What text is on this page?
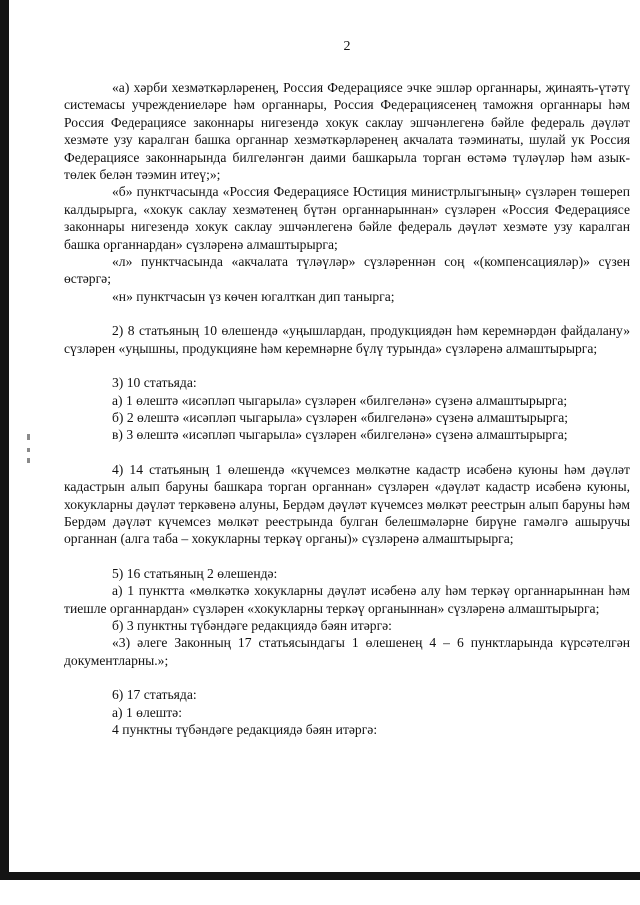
2

«а) хәрби хезмәткәрләренең, Россия Федерациясе эчке эшләр органнары, җинаять-үтәтү системасы учреждениеләре һәм органнары, Россия Федерациясенең таможня органнары һәм Россия Федерациясе законнары нигезендә хокук саклау эшчәнлегенә бәйле федераль дәүләт хезмәте узу каралган башка органнар хезмәткәрләренең акчалата тәэминаты, шулай ук Россия Федерациясе законнарында билгеләнгән даими башкарыла торган өстәмә түләүләр һәм азык-төлек белән тәэмин итеү;»;

«б» пунктчасында «Россия Федерациясе Юстиция министрлыгының» сүзләрен төшереп калдырырга, «хокук саклау хезмәтенең бүтән органнарыннан» сүзләрен «Россия Федерациясе законнары нигезендә хокук саклау эшчәнлегенә бәйле федераль дәүләт хезмәте узу каралган башка органнардан» сүзләренә алмаштырырга;

«л» пунктчасында «акчалата түләүләр» сүзләреннән соң «(компенсацияләр)» сүзен өстәргә;

«н» пунктчасын үз көчен югалткан дип танырга;

2) 8 статьяның 10 өлешендә «уңышлардан, продукциядән һәм керемнәрдән файдалану» сүзләрен «уңышны, продукцияне һәм керемнәрне бүлү турында» сүзләренә алмаштырырга;

3) 10 статьяда:

а) 1 өлештә «исәпләп чыгарыла» сүзләрен «билгеләнә» сүзенә алмаштырырга;

б) 2 өлештә «исәпләп чыгарыла» сүзләрен «билгеләнә» сүзенә алмаштырырга;

в) 3 өлештә «исәпләп чыгарыла» сүзләрен «билгеләнә» сүзенә алмаштырырга;

4) 14 статьяның 1 өлешендә «күчемсез мөлкәтне кадастр исәбенә куюны һәм дәүләт кадастрын алып баруны башкара торган органнан» сүзләрен «дәүләт кадастр исәбенә куюны, хокукларны дәүләт теркәвенә алуны, Бердәм дәүләт күчемсез мөлкәт реестрын алып баруны һәм Бердәм дәүләт күчемсез мөлкәт реестрында булган белешмәләрне бирүне гамәлгә ашыручы органнан (алга таба – хокукларны теркәү органы)» сүзләренә алмаштырырга;

5) 16 статьяның 2 өлешендә:

а) 1 пунктта «мөлкәткә хокукларны дәүләт исәбенә алу һәм теркәү органнарыннан һәм тиешле органнардан» сүзләрен «хокукларны теркәү органыннан» сүзләренә алмаштырырга;

б) 3 пунктны түбәндәге редакциядә бәян итәргә:

«3) әлеге Законның 17 статьясындагы 1 өлешенең 4 – 6 пунктларында күрсәтелгән документларны.»;

6) 17 статьяда:

а) 1 өлештә:

4 пунктны түбәндәге редакциядә бәян итәргә:
